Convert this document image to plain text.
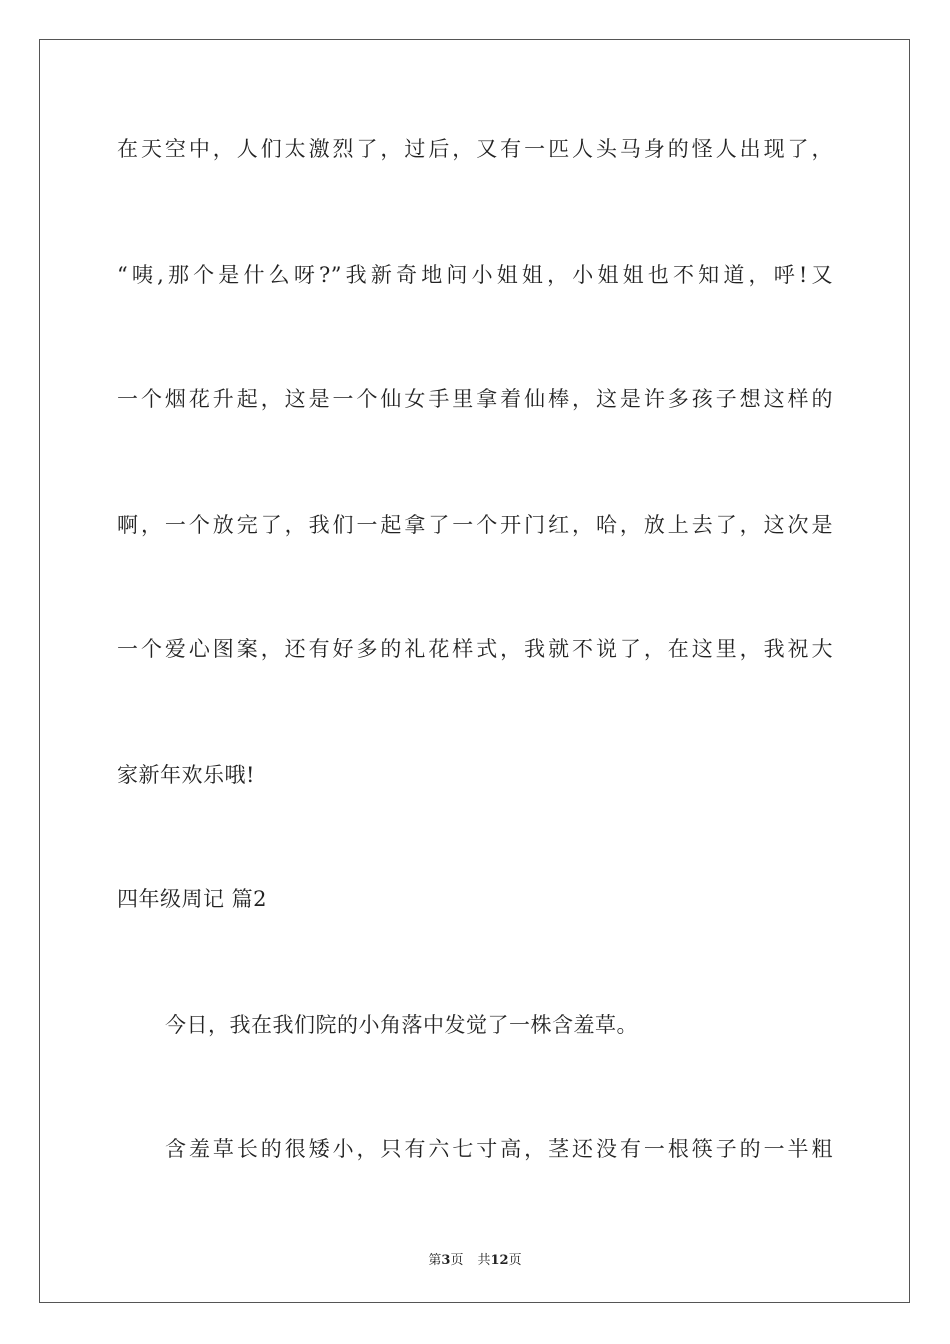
在天空中，人们太激烈了，过后，又有一匹人头马身的怪人出现了，
“咦,那个是什么呀?”我新奇地问小姐姐，小姐姐也不知道，呼!又
一个烟花升起，这是一个仙女手里拿着仙棒，这是许多孩子想这样的
啊，一个放完了，我们一起拿了一个开门红，哈，放上去了，这次是
一个爱心图案，还有好多的礼花样式，我就不说了，在这里，我祝大
家新年欢乐哦!
四年级周记 篇2
今日，我在我们院的小角落中发觉了一株含羞草。
含羞草长的很矮小，只有六七寸高，茎还没有一根筷子的一半粗
第3页 共12页
